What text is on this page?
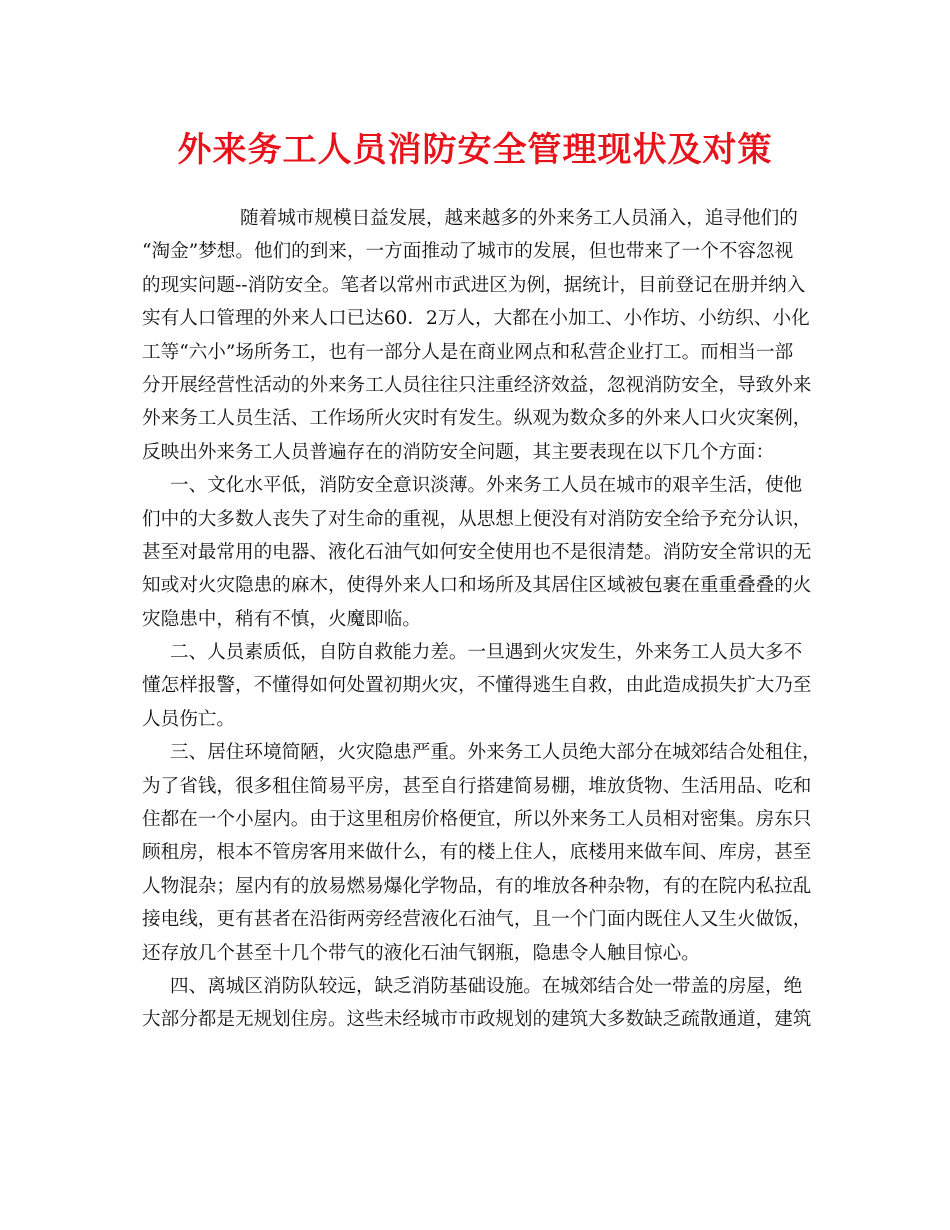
外来务工人员消防安全管理现状及对策
随着城市规模日益发展，越来越多的外来务工人员涌入，追寻他们的
“淘金”梦想。他们的到来，一方面推动了城市的发展，但也带来了一个不容忽视
的现实问题--消防安全。笔者以常州市武进区为例，据统计，目前登记在册并纳入
实有人口管理的外来人口已达60．2万人，大都在小加工、小作坊、小纺织、小化
工等“六小”场所务工，也有一部分人是在商业网点和私营企业打工。而相当一部
分开展经营性活动的外来务工人员往往只注重经济效益，忽视消防安全，导致外来
外来务工人员生活、工作场所火灾时有发生。纵观为数众多的外来人口火灾案例，
反映出外来务工人员普遍存在的消防安全问题，其主要表现在以下几个方面：
一、文化水平低，消防安全意识淡薄。外来务工人员在城市的艰辛生活，使他
们中的大多数人丧失了对生命的重视，从思想上便没有对消防安全给予充分认识，
甚至对最常用的电器、液化石油气如何安全使用也不是很清楚。消防安全常识的无
知或对火灾隐患的麻木，使得外来人口和场所及其居住区域被包裹在重重叠叠的火
灾隐患中，稍有不慎，火魔即临。
二、人员素质低，自防自救能力差。一旦遇到火灾发生，外来务工人员大多不
懂怎样报警，不懂得如何处置初期火灾，不懂得逃生自救，由此造成损失扩大乃至
人员伤亡。
三、居住环境简陋，火灾隐患严重。外来务工人员绝大部分在城郊结合处租住，
为了省钱，很多租住简易平房，甚至自行搭建简易棚，堆放货物、生活用品、吃和
住都在一个小屋内。由于这里租房价格便宜，所以外来务工人员相对密集。房东只
顾租房，根本不管房客用来做什么，有的楼上住人，底楼用来做车间、库房，甚至
人物混杂；屋内有的放易燃易爆化学物品，有的堆放各种杂物，有的在院内私拉乱
接电线，更有甚者在沿街两旁经营液化石油气，且一个门面内既住人又生火做饭，
还存放几个甚至十几个带气的液化石油气钢瓶，隐患令人触目惊心。
四、离城区消防队较远，缺乏消防基础设施。在城郊结合处一带盖的房屋，绝
大部分都是无规划住房。这些未经城市市政规划的建筑大多数缺乏疏散通道，建筑
